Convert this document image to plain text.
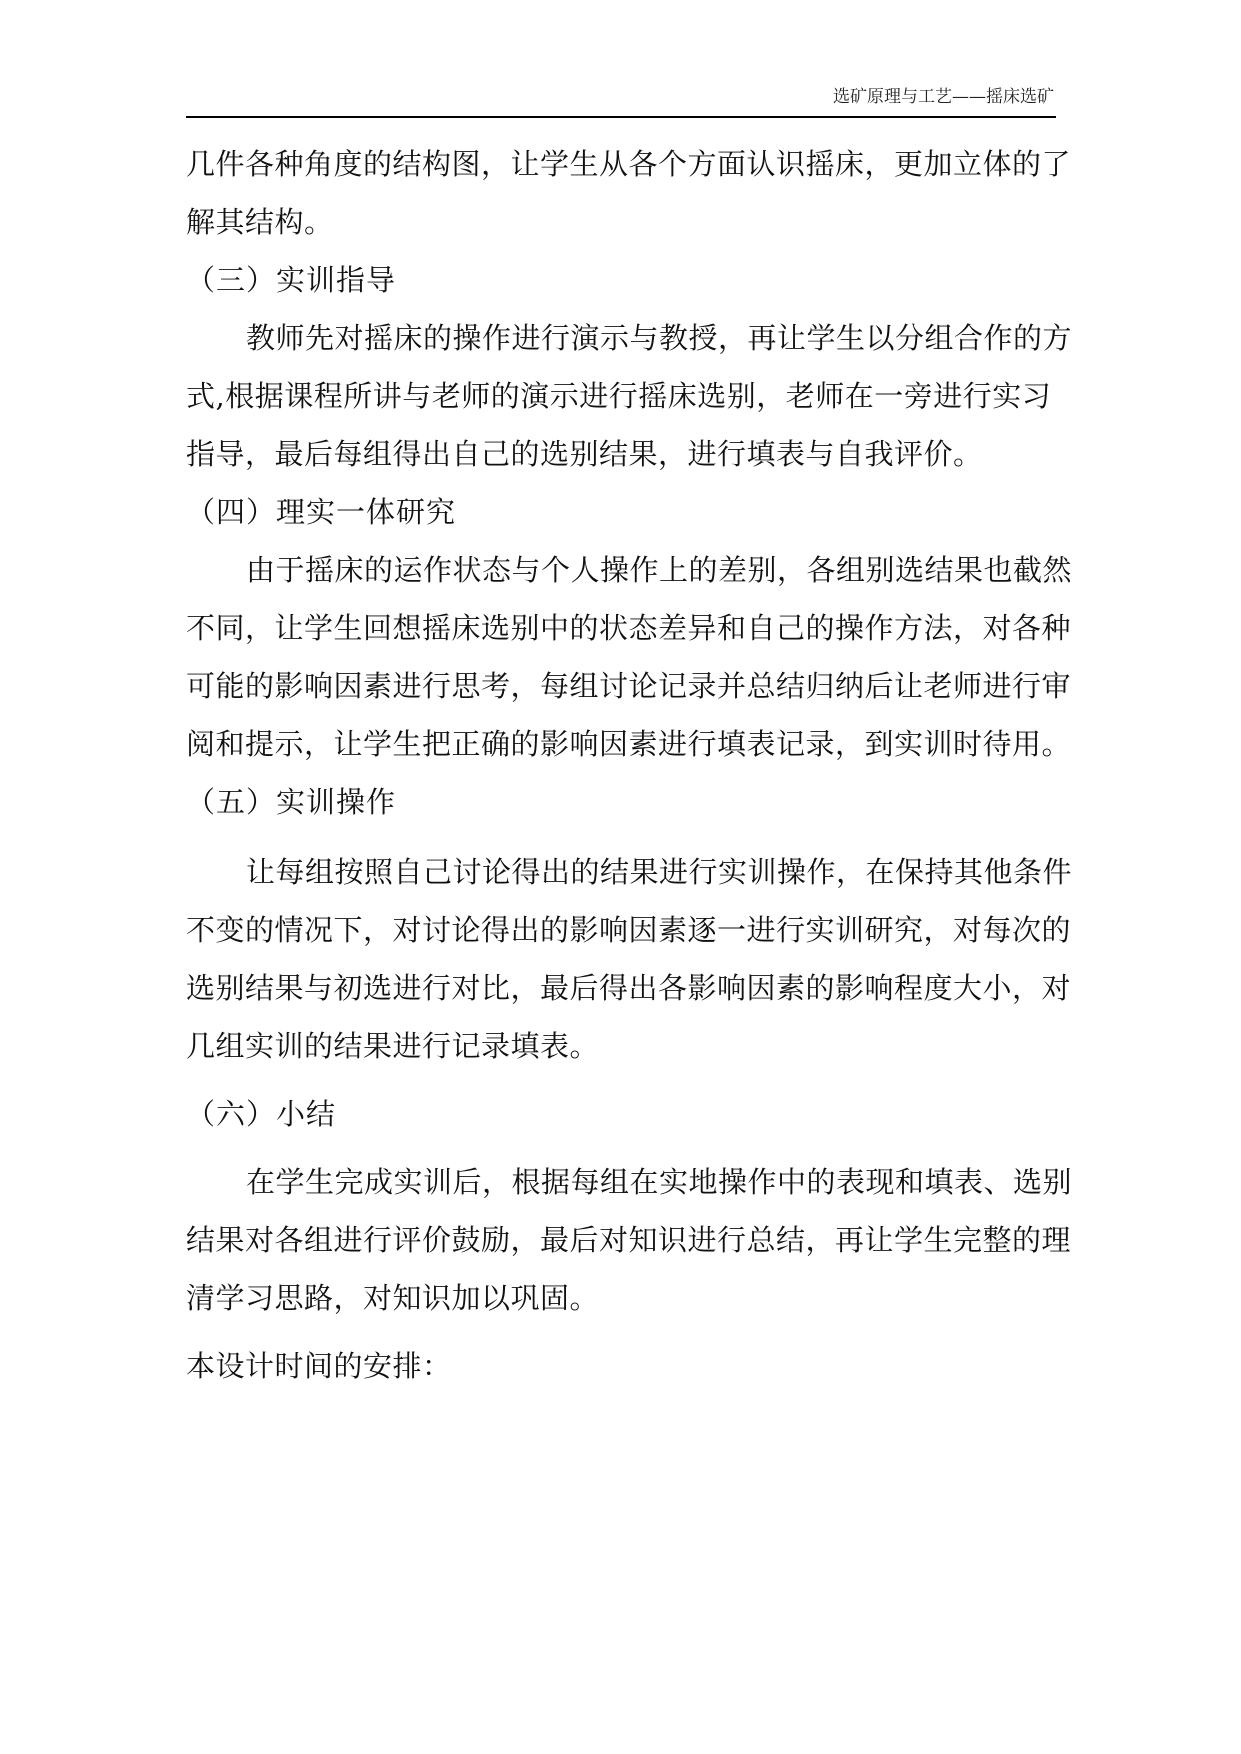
选矿原理与工艺——摇床选矿
几件各种角度的结构图，让学生从各个方面认识摇床，更加立体的了
解其结构。
（三）实训指导
教师先对摇床的操作进行演示与教授，再让学生以分组合作的方
式,根据课程所讲与老师的演示进行摇床选别，老师在一旁进行实习
指导，最后每组得出自己的选别结果，进行填表与自我评价。
（四）理实一体研究
由于摇床的运作状态与个人操作上的差别，各组别选结果也截然
不同，让学生回想摇床选别中的状态差异和自己的操作方法，对各种
可能的影响因素进行思考，每组讨论记录并总结归纳后让老师进行审
阅和提示，让学生把正确的影响因素进行填表记录，到实训时待用。
（五）实训操作
让每组按照自己讨论得出的结果进行实训操作，在保持其他条件
不变的情况下，对讨论得出的影响因素逐一进行实训研究，对每次的
选别结果与初选进行对比，最后得出各影响因素的影响程度大小，对
几组实训的结果进行记录填表。
（六）小结
在学生完成实训后，根据每组在实地操作中的表现和填表、选别
结果对各组进行评价鼓励，最后对知识进行总结，再让学生完整的理
清学习思路，对知识加以巩固。
本设计时间的安排：
